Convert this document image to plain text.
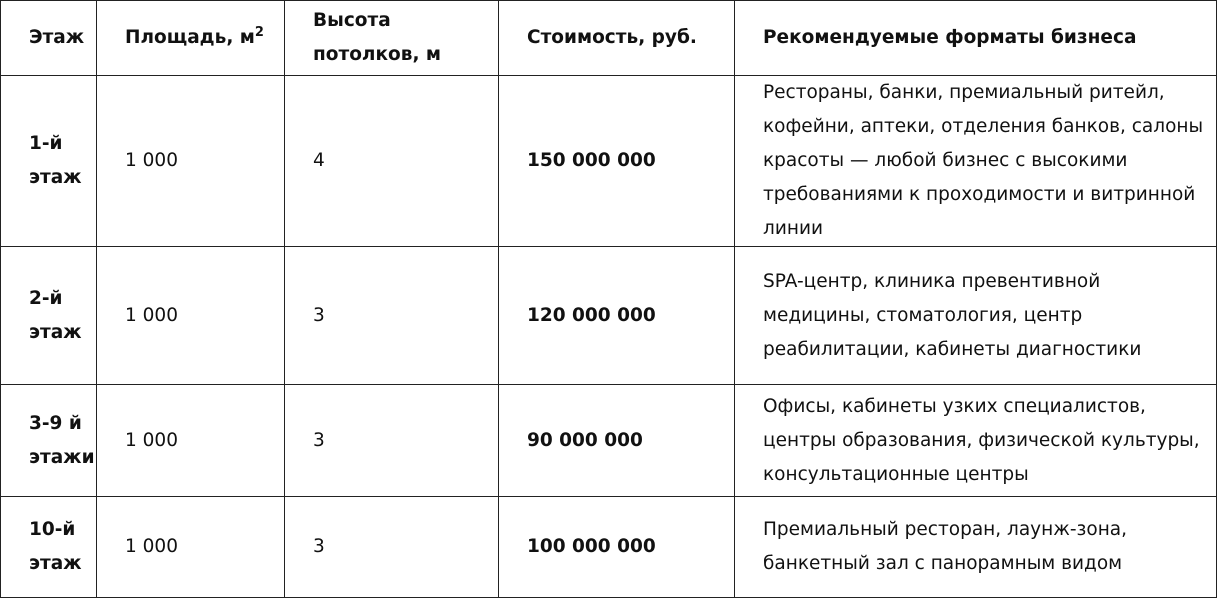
Этаж	Площадь, $м^2$	Высота потолков, м	Стоимость, руб.	Рекомендуемые форматы бизнеса
1-й этаж	1 000	4	150 000 000	Рестораны, банки, премиальный ритейл, кофейни, аптеки, отделения банков, салоны красоты — любой бизнес с высокими требованиями к проходимости и витринной линии
2-й этаж	1 000	3	120 000 000	SPA-центр, клиника превентивной медицины, стоматология, центр реабилитации, кабинеты диагностики
3-9 й этажи	1 000	3	90 000 000	Офисы, кабинеты узких специалистов, центры образования, физической культуры, консультационные центры
10-й этаж	1 000	3	100 000 000	Премиальный ресторан, лаунж-зона, банкетный зал с панорамным видом
